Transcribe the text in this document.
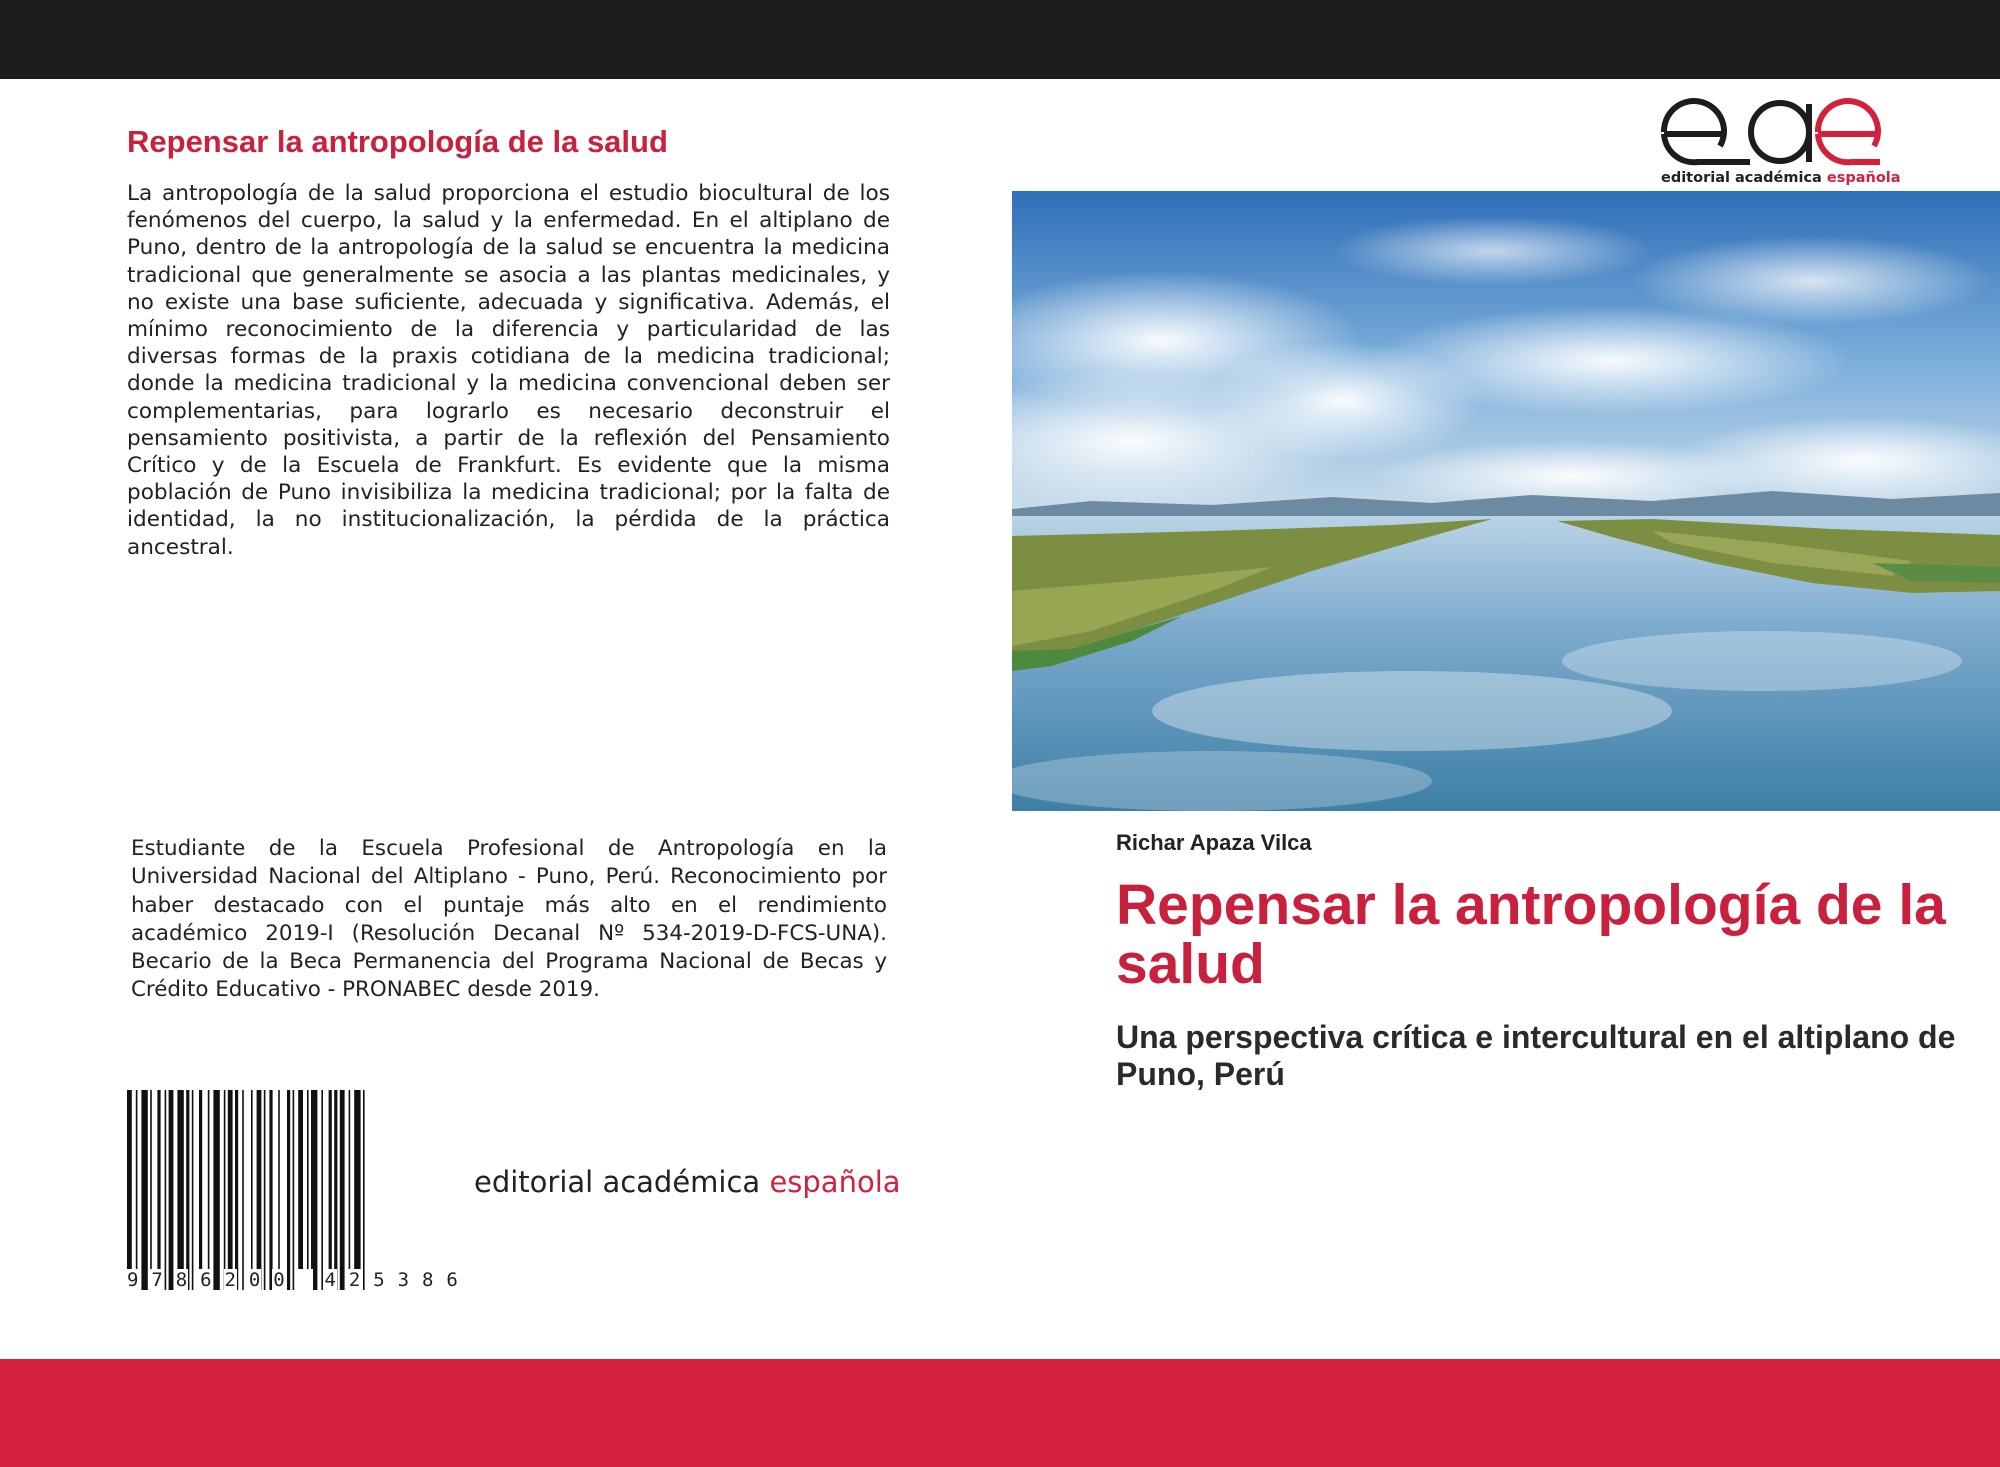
Repensar la antropología de la salud

La antropología de la salud proporciona el estudio biocultural de los fenómenos del cuerpo, la salud y la enfermedad. En el altiplano de Puno, dentro de la antropología de la salud se encuentra la medicina tradicional que generalmente se asocia a las plantas medicinales, y no existe una base suficiente, adecuada y significativa. Además, el mínimo reconocimiento de la diferencia y particularidad de las diversas formas de la praxis cotidiana de la medicina tradicional; donde la medicina tradicional y la medicina convencional deben ser complementarias, para lograrlo es necesario deconstruir el pensamiento positivista, a partir de la reflexión del Pensamiento Crítico y de la Escuela de Frankfurt. Es evidente que la misma población de Puno invisibiliza la medicina tradicional; por la falta de identidad, la no institucionalización, la pérdida de la práctica ancestral.

Estudiante de la Escuela Profesional de Antropología en la Universidad Nacional del Altiplano - Puno, Perú. Reconocimiento por haber destacado con el puntaje más alto en el rendimiento académico 2019-I (Resolución Decanal Nº 534-2019-D-FCS-UNA). Becario de la Beca Permanencia del Programa Nacional de Becas y Crédito Educativo - PRONABEC desde 2019.

9 7 8 6 2 0 0 4 2 5 3 8 6
editorial académica española
editorial académica española
Richar Apaza Vilca
Repensar la antropología de la salud
Una perspectiva crítica e intercultural en el altiplano de Puno, Perú
